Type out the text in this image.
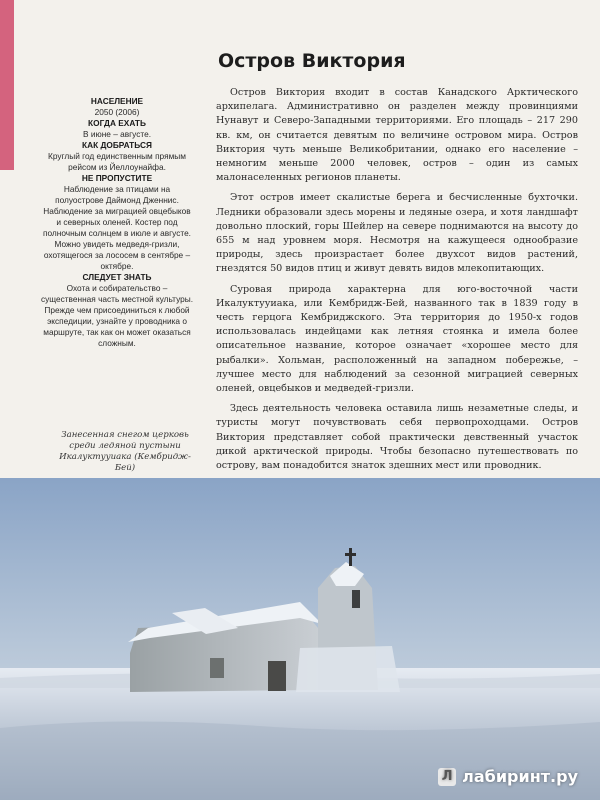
Остров Виктория
НАСЕЛЕНИЕ
2050 (2006)
КОГДА ЕХАТЬ
В июне – августе.
КАК ДОБРАТЬСЯ
Круглый год единственным прямым рейсом из Йеллоунайфа.
НЕ ПРОПУСТИТЕ
Наблюдение за птицами на полуострове Даймонд Дженнис. Наблюдение за миграцией овцебыков и северных оленей. Костер под полночным солнцем в июле и августе. Можно увидеть медведя-гризли, охотящегося за лососем в сентябре – октябре.
СЛЕДУЕТ ЗНАТЬ
Охота и собирательство – существенная часть местной культуры. Прежде чем присоединиться к любой экспедиции, узнайте у проводника о маршруте, так как он может оказаться сложным.
Занесенная снегом церковь среди ледяной пустыни Икалуктууиака (Кембридж-Бей)

Остров Виктория входит в состав Канадского Арктического архипелага. Административно он разделен между провинциями Нунавут и Северо-Западными территориями. Его площадь – 217 290 кв. км, он считается девятым по величине островом мира. Остров Виктория чуть меньше Великобритании, однако его население – немногим меньше 2000 человек, остров – один из самых малонаселенных регионов планеты.

Этот остров имеет скалистые берега и бесчисленные бухточки. Ледники образовали здесь морены и ледяные озера, и хотя ландшафт довольно плоский, горы Шейлер на севере поднимаются на высоту до 655 м над уровнем моря. Несмотря на кажущееся однообразие природы, здесь произрастает более двухсот видов растений, гнездятся 50 видов птиц и живут девять видов млекопитающих.

Суровая природа характерна для юго-восточной части Икалуктууиака, или Кембридж-Бей, названного так в 1839 году в честь герцога Кембриджского. Эта территория до 1950-х годов использовалась индейцами как летняя стоянка и имела более описательное название, которое означает «хорошее место для рыбалки». Хольман, расположенный на западном побережье, – лучшее место для наблюдений за сезонной миграцией северных оленей, овцебыков и медведей-гризли.

Здесь деятельность человека оставила лишь незаметные следы, и туристы могут почувствовать себя первопроходцами. Остров Виктория представляет собой практически девственный участок дикой арктической природы. Чтобы безопасно путешествовать по острову, вам понадобится знаток здешних мест или проводник.

Л лабиринт.ру
